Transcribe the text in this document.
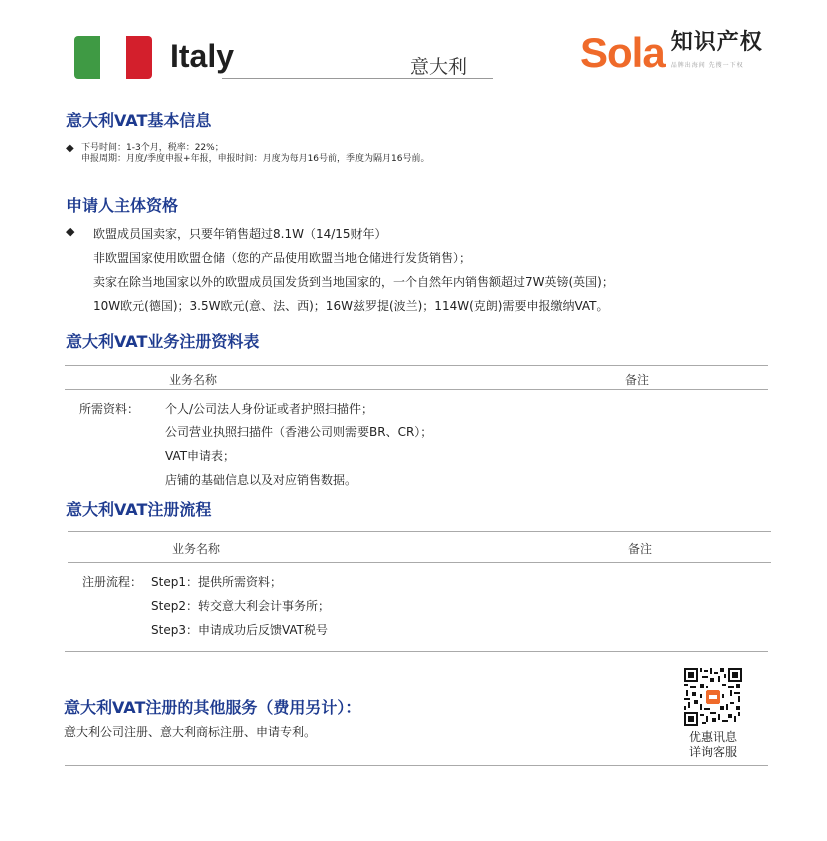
Italy	意大利	Sola 知识产权
品牌出海间 先搜一下权
意大利VAT基本信息
◆ 下号时间：1-3个月，税率：22%；
申报周期：月度/季度申报+年报，申报时间：月度为每月16号前，季度为隔月16号前。
申请人主体资格
◆ 欧盟成员国卖家，只要年销售超过8.1W（14/15财年）
非欧盟国家使用欧盟仓储（您的产品使用欧盟当地仓储进行发货销售）；
卖家在除当地国家以外的欧盟成员国发货到当地国家的，一个自然年内销售额超过7W英镑(英国)；
10W欧元(德国)；3.5W欧元(意、法、西)；16W兹罗提(波兰)；114W(克朗)需要申报缴纳VAT。
意大利VAT业务注册资料表
业务名称	备注
所需资料： 个人/公司法人身份证或者护照扫描件；
公司营业执照扫描件（香港公司则需要BR、CR）；
VAT申请表；
店铺的基础信息以及对应销售数据。
意大利VAT注册流程
业务名称	备注
注册流程： Step1：提供所需资料；
Step2：转交意大利会计事务所；
Step3：申请成功后反馈VAT税号
意大利VAT注册的其他服务（费用另计）：
意大利公司注册、意大利商标注册、申请专利。	优惠讯息
详询客服
